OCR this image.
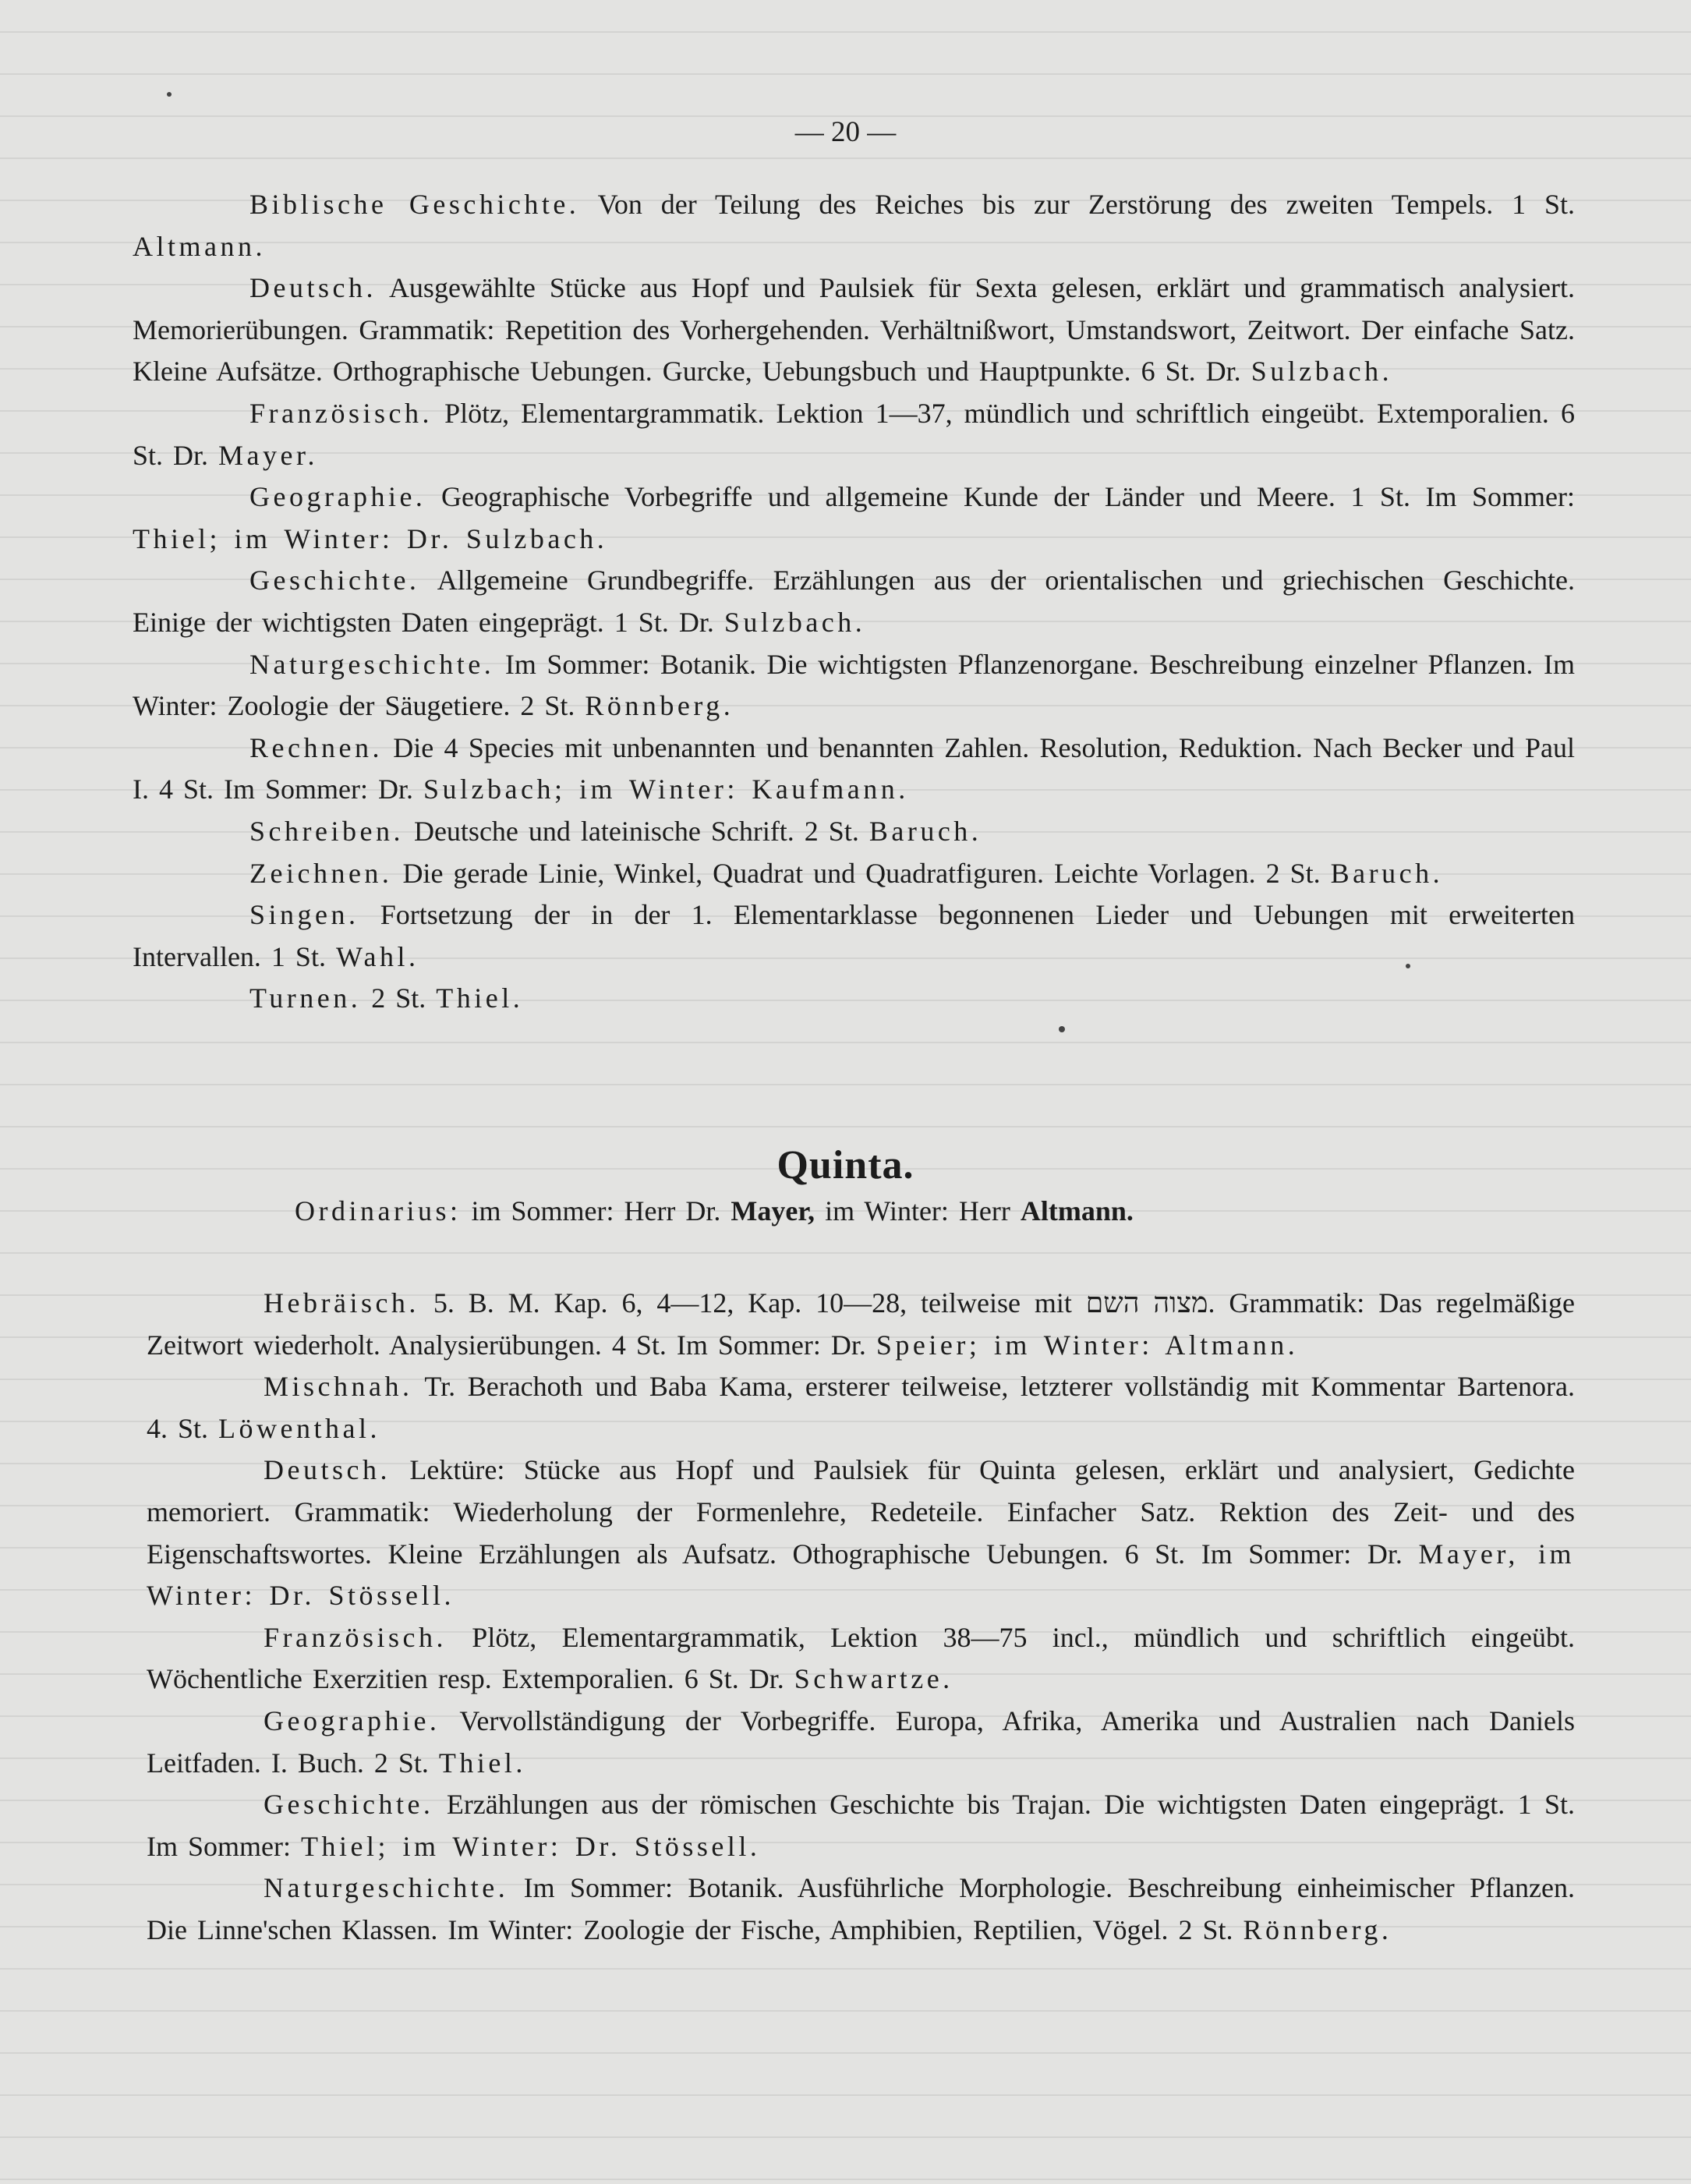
— 20 —

Biblische Geschichte. Von der Teilung des Reiches bis zur Zerstörung des zweiten Tempels. 1 St. Altmann.

Deutsch. Ausgewählte Stücke aus Hopf und Paulsiek für Sexta gelesen, erklärt und grammatisch analysiert. Memorierübungen. Grammatik: Repetition des Vorhergehenden. Verhältnißwort, Umstandswort, Zeitwort. Der einfache Satz. Kleine Aufsätze. Orthographische Uebungen. Gurcke, Uebungsbuch und Hauptpunkte. 6 St. Dr. Sulzbach.

Französisch. Plötz, Elementargrammatik. Lektion 1—37, mündlich und schriftlich eingeübt. Extemporalien. 6 St. Dr. Mayer.

Geographie. Geographische Vorbegriffe und allgemeine Kunde der Länder und Meere. 1 St. Im Sommer: Thiel; im Winter: Dr. Sulzbach.

Geschichte. Allgemeine Grundbegriffe. Erzählungen aus der orientalischen und griechischen Geschichte. Einige der wichtigsten Daten eingeprägt. 1 St. Dr. Sulzbach.

Naturgeschichte. Im Sommer: Botanik. Die wichtigsten Pflanzenorgane. Beschreibung einzelner Pflanzen. Im Winter: Zoologie der Säugetiere. 2 St. Rönnberg.

Rechnen. Die 4 Species mit unbenannten und benannten Zahlen. Resolution, Reduktion. Nach Becker und Paul I. 4 St. Im Sommer: Dr. Sulzbach; im Winter: Kaufmann.

Schreiben. Deutsche und lateinische Schrift. 2 St. Baruch.

Zeichnen. Die gerade Linie, Winkel, Quadrat und Quadratfiguren. Leichte Vorlagen. 2 St. Baruch.

Singen. Fortsetzung der in der 1. Elementarklasse begonnenen Lieder und Uebungen mit erweiterten Intervallen. 1 St. Wahl.

Turnen. 2 St. Thiel.

Quinta.
Ordinarius: im Sommer: Herr Dr. Mayer, im Winter: Herr Altmann.

Hebräisch. 5. B. M. Kap. 6, 4—12, Kap. 10—28, teilweise mit מצוה השם. Grammatik: Das regelmäßige Zeitwort wiederholt. Analysierübungen. 4 St. Im Sommer: Dr. Speier; im Winter: Altmann.

Mischnah. Tr. Berachoth und Baba Kama, ersterer teilweise, letzterer vollständig mit Kommentar Bartenora. 4. St. Löwenthal.

Deutsch. Lektüre: Stücke aus Hopf und Paulsiek für Quinta gelesen, erklärt und analysiert, Gedichte memoriert. Grammatik: Wiederholung der Formenlehre, Redeteile. Einfacher Satz. Rektion des Zeit- und des Eigenschaftswortes. Kleine Erzählungen als Aufsatz. Othographische Uebungen. 6 St. Im Sommer: Dr. Mayer, im Winter: Dr. Stössell.

Französisch. Plötz, Elementargrammatik, Lektion 38—75 incl., mündlich und schriftlich eingeübt. Wöchentliche Exerzitien resp. Extemporalien. 6 St. Dr. Schwartze.

Geographie. Vervollständigung der Vorbegriffe. Europa, Afrika, Amerika und Australien nach Daniels Leitfaden. I. Buch. 2 St. Thiel.

Geschichte. Erzählungen aus der römischen Geschichte bis Trajan. Die wichtigsten Daten eingeprägt. 1 St. Im Sommer: Thiel; im Winter: Dr. Stössell.

Naturgeschichte. Im Sommer: Botanik. Ausführliche Morphologie. Beschreibung einheimischer Pflanzen. Die Linne'schen Klassen. Im Winter: Zoologie der Fische, Amphibien, Reptilien, Vögel. 2 St. Rönnberg.
